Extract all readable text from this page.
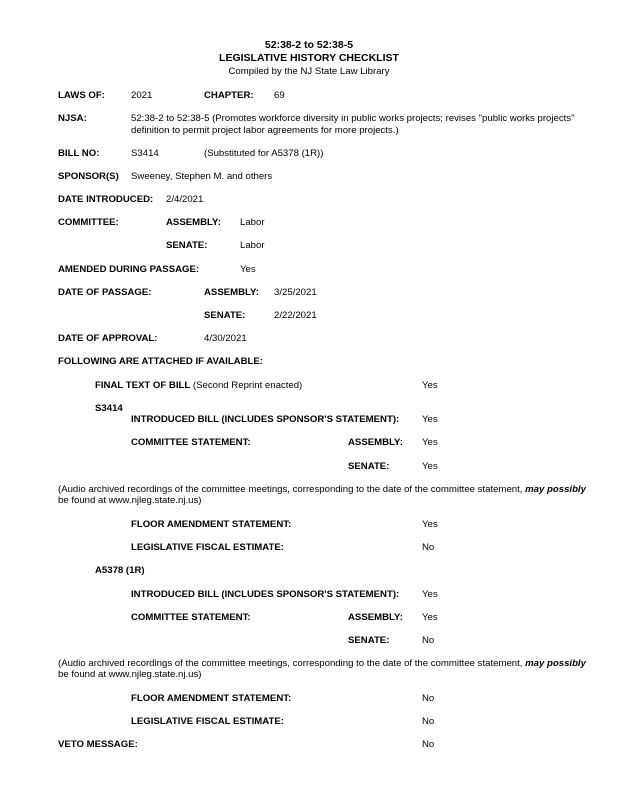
52:38-2 to 52:38-5
LEGISLATIVE HISTORY CHECKLIST
Compiled by the NJ State Law Library
LAWS OF:	2021	CHAPTER: 69
NJSA:	52:38-2 to 52:38-5 (Promotes workforce diversity in public works projects; revises "public works projects"
definition to permit project labor agreements for more projects.)
BILL NO:	S3414	(Substituted for A5378 (1R))
SPONSOR(S) Sweeney, Stephen M. and others
DATE INTRODUCED: 2/4/2021
COMMITTEE:	ASSEMBLY: Labor
SENATE:	Labor
AMENDED DURING PASSAGE:	Yes
DATE OF PASSAGE:	ASSEMBLY: 3/25/2021
SENATE:	2/22/2021
DATE OF APPROVAL:	4/30/2021
FOLLOWING ARE ATTACHED IF AVAILABLE:
FINAL TEXT OF BILL (Second Reprint enacted)	Yes
S3414
INTRODUCED BILL (INCLUDES SPONSOR'S STATEMENT): Yes
COMMITTEE STATEMENT:	ASSEMBLY: Yes
SENATE:	Yes
(Audio archived recordings of the committee meetings, corresponding to the date of the committee statement, may possibly
be found at www.njleg.state.nj.us)
FLOOR AMENDMENT STATEMENT:	Yes
LEGISLATIVE FISCAL ESTIMATE:	No
A5378 (1R)
INTRODUCED BILL (INCLUDES SPONSOR'S STATEMENT): Yes
COMMITTEE STATEMENT:	ASSEMBLY: Yes
SENATE:	No
(Audio archived recordings of the committee meetings, corresponding to the date of the committee statement, may possibly
be found at www.njleg.state.nj.us)
FLOOR AMENDMENT STATEMENT:	No
LEGISLATIVE FISCAL ESTIMATE:	No
VETO MESSAGE:	No
